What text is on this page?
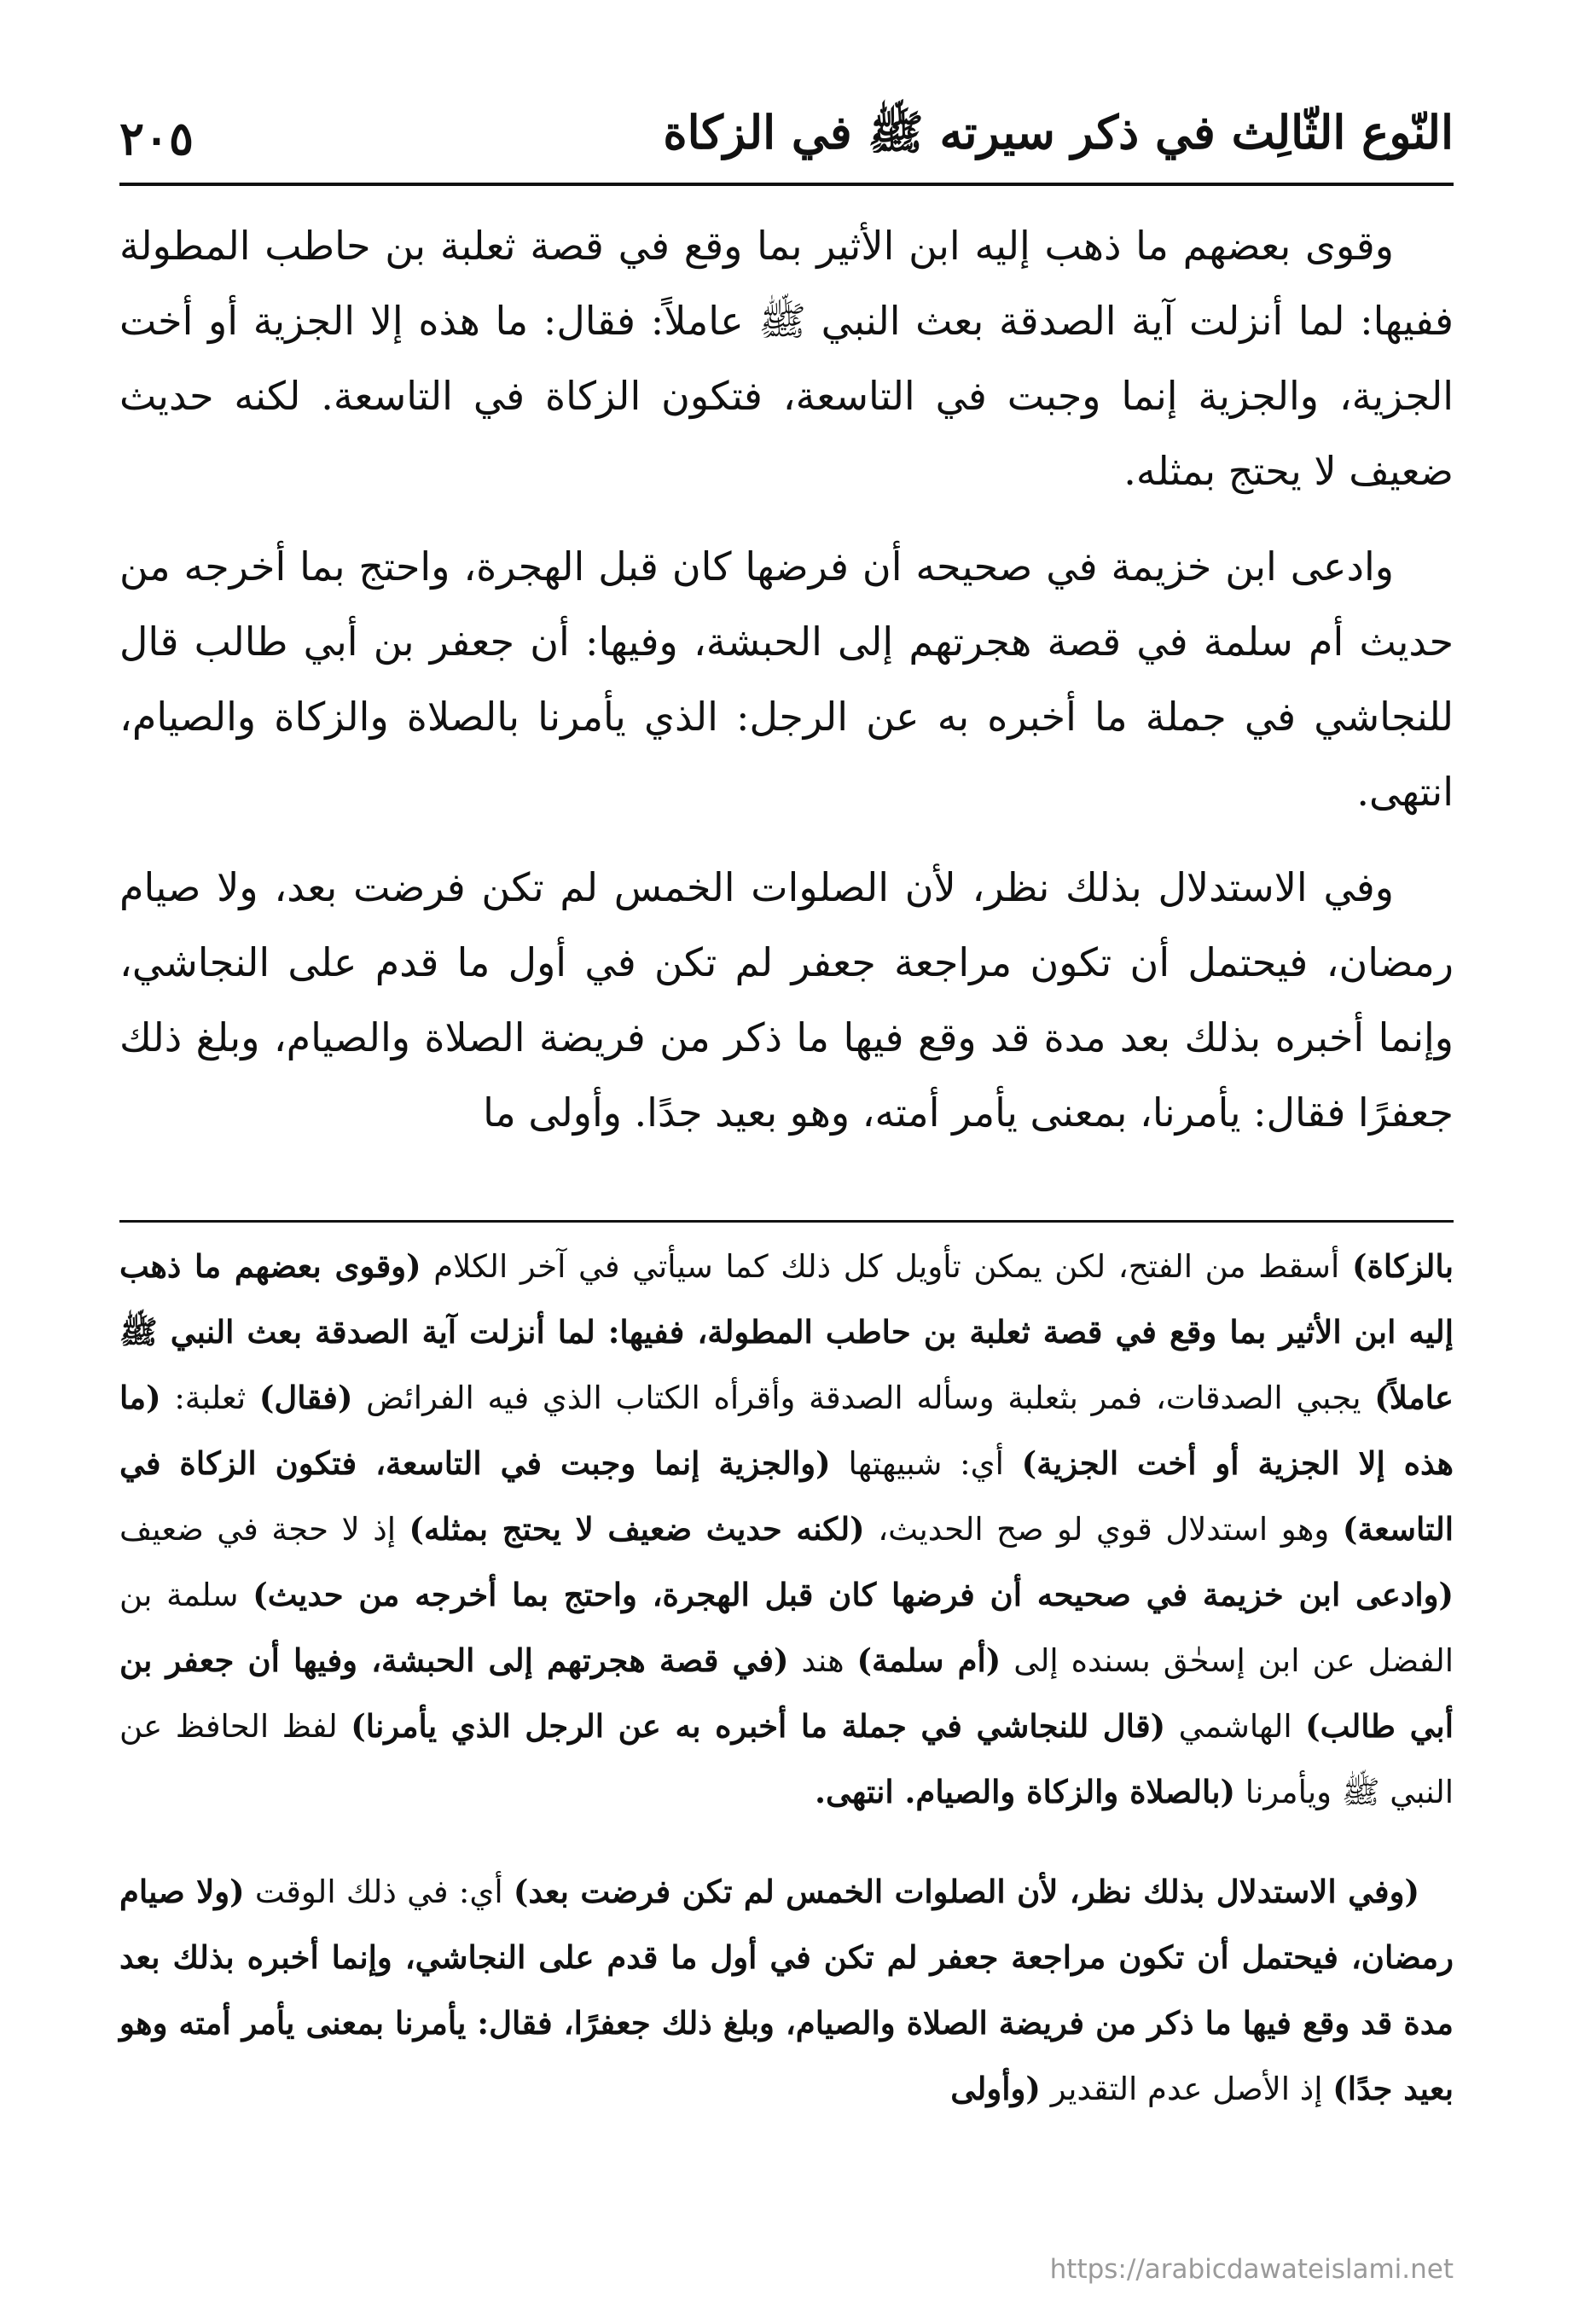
النّوع الثّالِث في ذكر سيرته ﷺ في الزكاة
٢٠٥

وقوى بعضهم ما ذهب إليه ابن الأثير بما وقع في قصة ثعلبة بن حاطب المطولة ففيها: لما أنزلت آية الصدقة بعث النبي ﷺ عاملاً: فقال: ما هذه إلا الجزية أو أخت الجزية، والجزية إنما وجبت في التاسعة، فتكون الزكاة في التاسعة. لكنه حديث ضعيف لا يحتج بمثله.

وادعى ابن خزيمة في صحيحه أن فرضها كان قبل الهجرة، واحتج بما أخرجه من حديث أم سلمة في قصة هجرتهم إلى الحبشة، وفيها: أن جعفر بن أبي طالب قال للنجاشي في جملة ما أخبره به عن الرجل: الذي يأمرنا بالصلاة والزكاة والصيام، انتهى.

وفي الاستدلال بذلك نظر، لأن الصلوات الخمس لم تكن فرضت بعد، ولا صيام رمضان، فيحتمل أن تكون مراجعة جعفر لم تكن في أول ما قدم على النجاشي، وإنما أخبره بذلك بعد مدة قد وقع فيها ما ذكر من فريضة الصلاة والصيام، وبلغ ذلك جعفرًا فقال: يأمرنا، بمعنى يأمر أمته، وهو بعيد جدًا. وأولى ما

بالزكاة) أسقط من الفتح، لكن يمكن تأويل كل ذلك كما سيأتي في آخر الكلام (وقوى بعضهم ما ذهب إليه ابن الأثير بما وقع في قصة ثعلبة بن حاطب المطولة، ففيها: لما أنزلت آية الصدقة بعث النبي ﷺ عاملاً) يجبي الصدقات، فمر بثعلبة وسأله الصدقة وأقرأه الكتاب الذي فيه الفرائض (فقال) ثعلبة: (ما هذه إلا الجزية أو أخت الجزية) أي: شبيهتها (والجزية إنما وجبت في التاسعة، فتكون الزكاة في التاسعة) وهو استدلال قوي لو صح الحديث، (لكنه حديث ضعيف لا يحتج بمثله) إذ لا حجة في ضعيف (وادعى ابن خزيمة في صحيحه أن فرضها كان قبل الهجرة، واحتج بما أخرجه من حديث) سلمة بن الفضل عن ابن إسحٰق بسنده إلى (أم سلمة) هند (في قصة هجرتهم إلى الحبشة، وفيها أن جعفر بن أبي طالب) الهاشمي (قال للنجاشي في جملة ما أخبره به عن الرجل الذي يأمرنا) لفظ الحافظ عن النبي ﷺ ويأمرنا (بالصلاة والزكاة والصيام. انتهى.

(وفي الاستدلال بذلك نظر، لأن الصلوات الخمس لم تكن فرضت بعد) أي: في ذلك الوقت (ولا صيام رمضان، فيحتمل أن تكون مراجعة جعفر لم تكن في أول ما قدم على النجاشي، وإنما أخبره بذلك بعد مدة قد وقع فيها ما ذكر من فريضة الصلاة والصيام، وبلغ ذلك جعفرًا، فقال: يأمرنا بمعنى يأمر أمته وهو بعيد جدًا) إذ الأصل عدم التقدير (وأولى

https://arabicdawateislami.net
